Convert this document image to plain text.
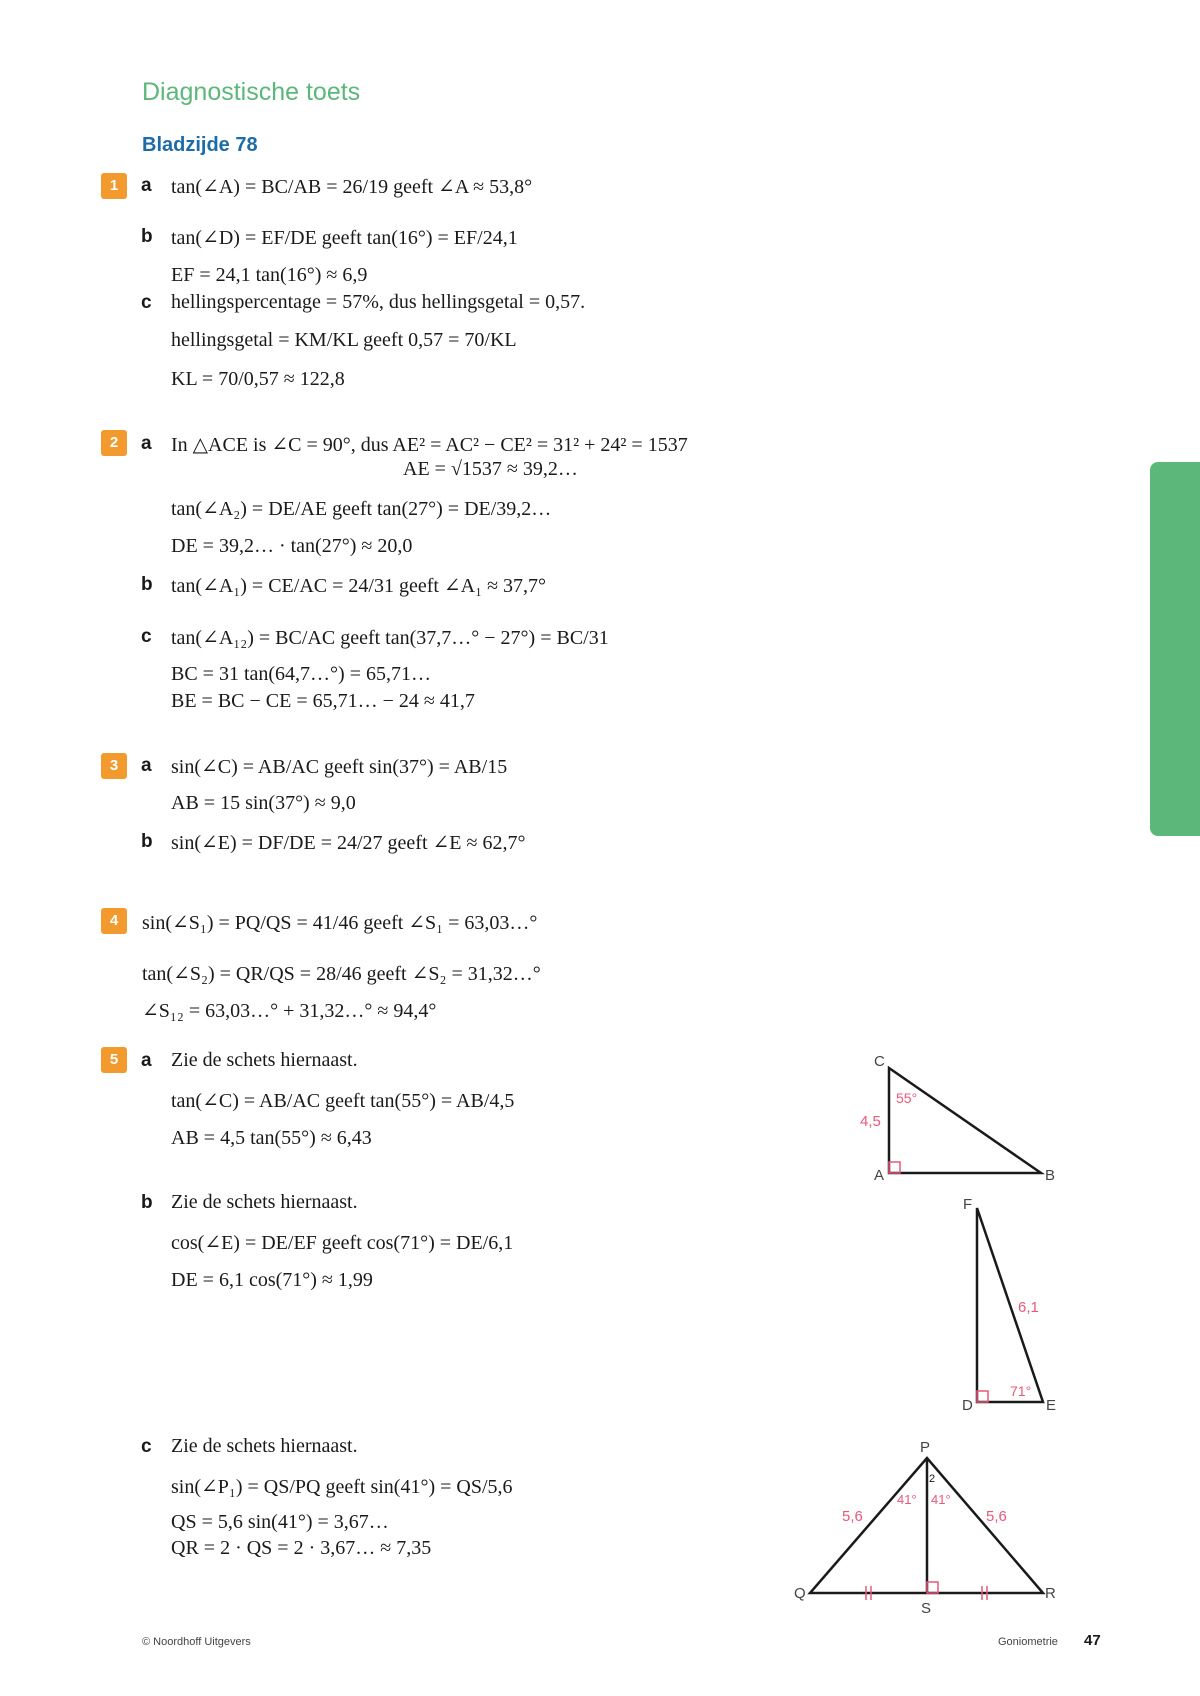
Diagnostische toets
Bladzijde 78
1	a tan(∠A) = BC/AB = 26/19 geeft ∠A ≈ 53,8°
b tan(∠D) = EF/DE geeft tan(16°) = EF/24,1
EF = 24,1 tan(16°) ≈ 6,9
c hellingspercentage = 57%, dus hellingsgetal = 0,57.
hellingsgetal = KM/KL geeft 0,57 = 70/KL
KL = 70/0,57 ≈ 122,8
2	a In △ACE is ∠C = 90°, dus AE² = AC² − CE² = 31² + 24² = 1537
AE = √1537 ≈ 39,2…
tan(∠A₂) = DE/AE geeft tan(27°) = DE/39,2…
DE = 39,2… · tan(27°) ≈ 20,0
b tan(∠A₁) = CE/AC = 24/31 geeft ∠A₁ ≈ 37,7°
c tan(∠A₁₂) = BC/AC geeft tan(37,7…° − 27°) = BC/31
BC = 31 tan(64,7…°) = 65,71…
BE = BC − CE = 65,71… − 24 ≈ 41,7
3	a sin(∠C) = AB/AC geeft sin(37°) = AB/15
AB = 15 sin(37°) ≈ 9,0
b sin(∠E) = DF/DE = 24/27 geeft ∠E ≈ 62,7°
4	sin(∠S₁) = PQ/QS = 41/46 geeft ∠S₁ = 63,03…°
tan(∠S₂) = QR/QS = 28/46 geeft ∠S₂ = 31,32…°
∠S₁₂ = 63,03…° + 31,32…° ≈ 94,4°
5	a Zie de schets hiernaast.
tan(∠C) = AB/AC geeft tan(55°) = AB/4,5
AB = 4,5 tan(55°) ≈ 6,43
b Zie de schets hiernaast.
cos(∠E) = DE/EF geeft cos(71°) = DE/6,1
DE = 6,1 cos(71°) ≈ 1,99
c Zie de schets hiernaast.
sin(∠P₁) = QS/PQ geeft sin(41°) = QS/5,6
QS = 5,6 sin(41°) = 3,67…
QR = 2 · QS = 2 · 3,67… ≈ 7,35
C
A	B
4,5
55°
F
D	E
6,1
71°
P
Q	R
S
5,6	5,6
41° 41°
2
© Noordhoff Uitgevers	Goniometrie 47
